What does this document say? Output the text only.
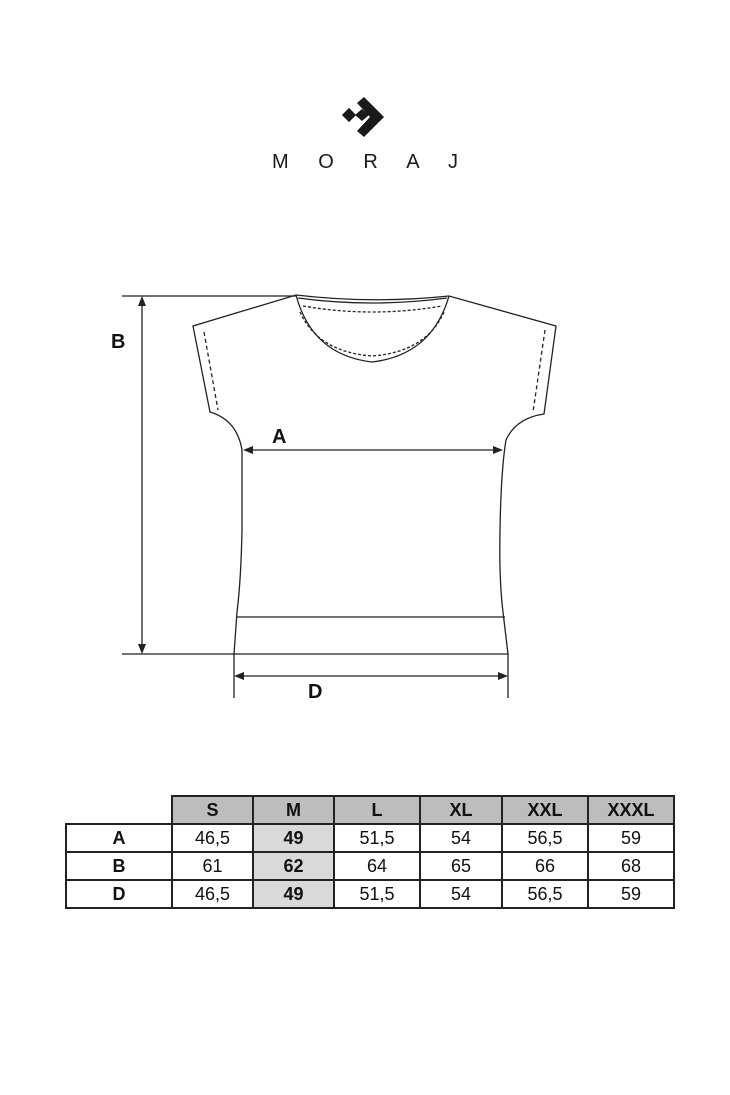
M O R A J
B
A
D
	S	M	L	XL	XXL	XXXL
A	46,5	49	51,5	54	56,5	59
B	61	62	64	65	66	68
D	46,5	49	51,5	54	56,5	59
